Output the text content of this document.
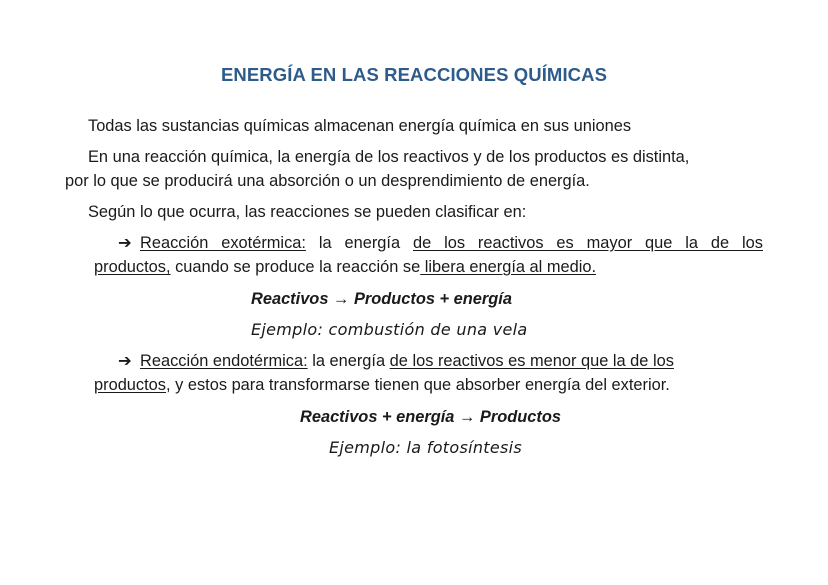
ENERGÍA EN LAS REACCIONES QUÍMICAS
Todas las sustancias químicas almacenan energía química en sus uniones
En una reacción química, la energía de los reactivos y de los productos es distinta,
por lo que se producirá una absorción o un desprendimiento de energía.
Según lo que ocurra, las reacciones se pueden clasificar en:
➔ Reacción exotérmica: la energía de los reactivos es mayor que la de los
productos, cuando se produce la reacción se libera energía al medio.
Reactivos → Productos + energía
Ejemplo: combustión de una vela
➔ Reacción endotérmica: la energía de los reactivos es menor que la de los
productos, y estos para transformarse tienen que absorber energía del exterior.
Reactivos + energía → Productos
Ejemplo: la fotosíntesis
